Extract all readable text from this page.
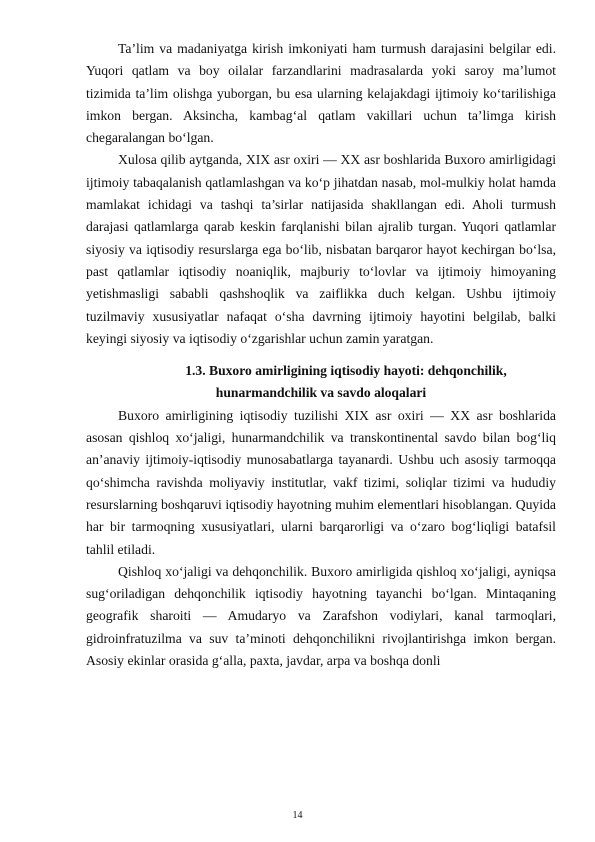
Ta’lim va madaniyatga kirish imkoniyati ham turmush darajasini belgilar edi. Yuqori qatlam va boy oilalar farzandlarini madrasalarda yoki saroy ma’lumot tizimida ta’lim olishga yuborgan, bu esa ularning kelajakdagi ijtimoiy ko‘tarilishiga imkon bergan. Aksincha, kambag‘al qatlam vakillari uchun ta’limga kirish chegaralangan bo‘lgan.

Xulosa qilib aytganda, XIX asr oxiri — XX asr boshlarida Buxoro amirligidagi ijtimoiy tabaqalanish qatlamlashgan va ko‘p jihatdan nasab, mol-mulkiy holat hamda mamlakat ichidagi va tashqi ta’sirlar natijasida shakllangan edi. Aholi turmush darajasi qatlamlarga qarab keskin farqlanishi bilan ajralib turgan. Yuqori qatlamlar siyosiy va iqtisodiy resurslarga ega bo‘lib, nisbatan barqaror hayot kechirgan bo‘lsa, past qatlamlar iqtisodiy noaniqlik, majburiy to‘lovlar va ijtimoiy himoyaning yetishmasligi sababli qashshoqlik va zaiflikka duch kelgan. Ushbu ijtimoiy tuzilmaviy xususiyatlar nafaqat o‘sha davrning ijtimoiy hayotini belgilab, balki keyingi siyosiy va iqtisodiy o‘zgarishlar uchun zamin yaratgan.

1.3. Buxoro amirligining iqtisodiy hayoti: dehqonchilik,
hunarmandchilik va savdo aloqalari

Buxoro amirligining iqtisodiy tuzilishi XIX asr oxiri — XX asr boshlarida asosan qishloq xo‘jaligi, hunarmandchilik va transkontinental savdo bilan bog‘liq an’anaviy ijtimoiy-iqtisodiy munosabatlarga tayanardi. Ushbu uch asosiy tarmoqqa qo‘shimcha ravishda moliyaviy institutlar, vakf tizimi, soliqlar tizimi va hududiy resurslarning boshqaruvi iqtisodiy hayotning muhim elementlari hisoblangan. Quyida har bir tarmoqning xususiyatlari, ularni barqarorligi va o‘zaro bog‘liqligi batafsil tahlil etiladi.

Qishloq xo‘jaligi va dehqonchilik. Buxoro amirligida qishloq xo‘jaligi, ayniqsa sug‘oriladigan dehqonchilik iqtisodiy hayotning tayanchi bo‘lgan. Mintaqaning geografik sharoiti — Amudaryo va Zarafshon vodiylari, kanal tarmoqlari, gidroinfratuzilma va suv ta’minoti dehqonchilikni rivojlantirishga imkon bergan. Asosiy ekinlar orasida g‘alla, paxta, javdar, arpa va boshqa donli

14
